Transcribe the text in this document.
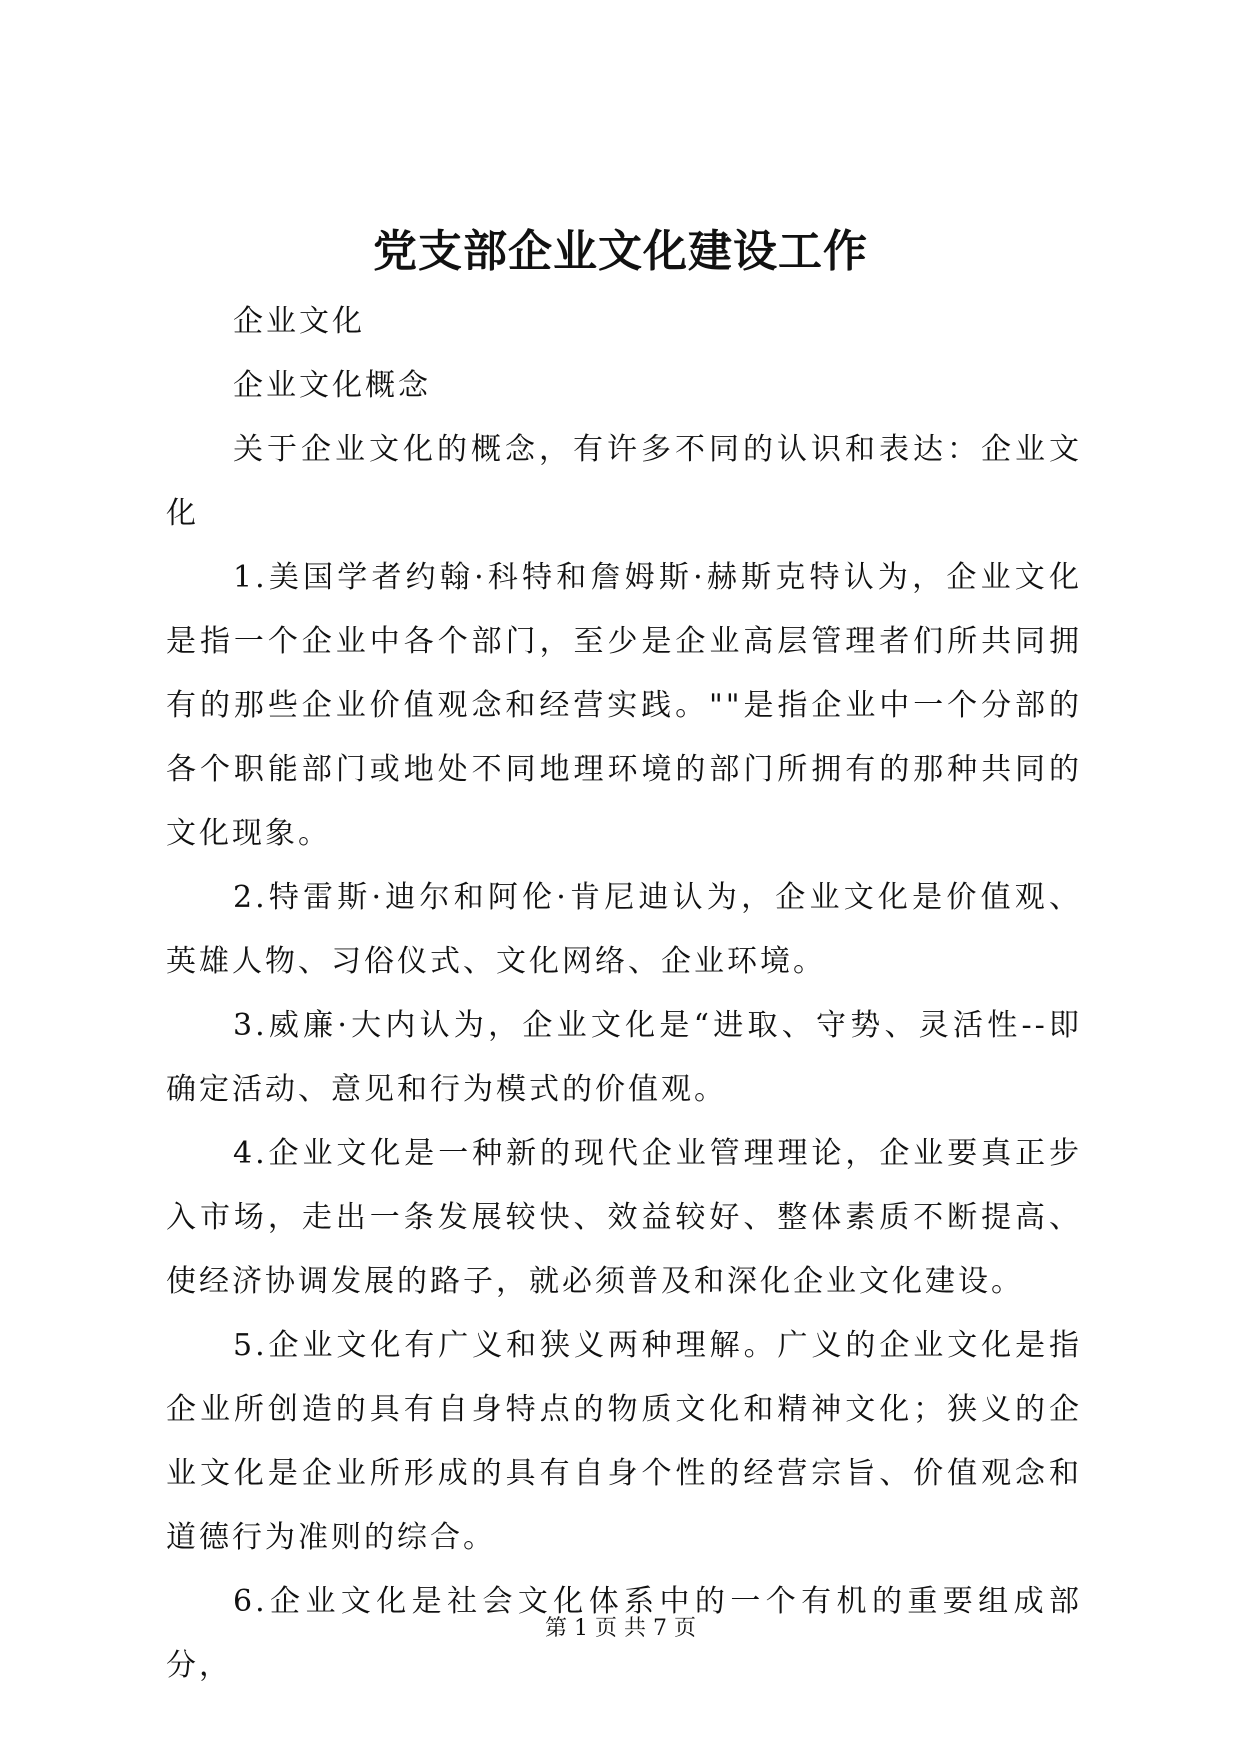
党支部企业文化建设工作

企业文化

企业文化概念

关于企业文化的概念，有许多不同的认识和表达：企业文化

1.美国学者约翰·科特和詹姆斯·赫斯克特认为，企业文化是指一个企业中各个部门，至少是企业高层管理者们所共同拥有的那些企业价值观念和经营实践。""是指企业中一个分部的各个职能部门或地处不同地理环境的部门所拥有的那种共同的文化现象。

2.特雷斯·迪尔和阿伦·肯尼迪认为，企业文化是价值观、英雄人物、习俗仪式、文化网络、企业环境。

3.威廉·大内认为，企业文化是“进取、守势、灵活性--即确定活动、意见和行为模式的价值观。

4.企业文化是一种新的现代企业管理理论，企业要真正步入市场，走出一条发展较快、效益较好、整体素质不断提高、使经济协调发展的路子，就必须普及和深化企业文化建设。

5.企业文化有广义和狭义两种理解。广义的企业文化是指企业所创造的具有自身特点的物质文化和精神文化；狭义的企业文化是企业所形成的具有自身个性的经营宗旨、价值观念和道德行为准则的综合。

6.企业文化是社会文化体系中的一个有机的重要组成部分，

第 1 页 共 7 页
